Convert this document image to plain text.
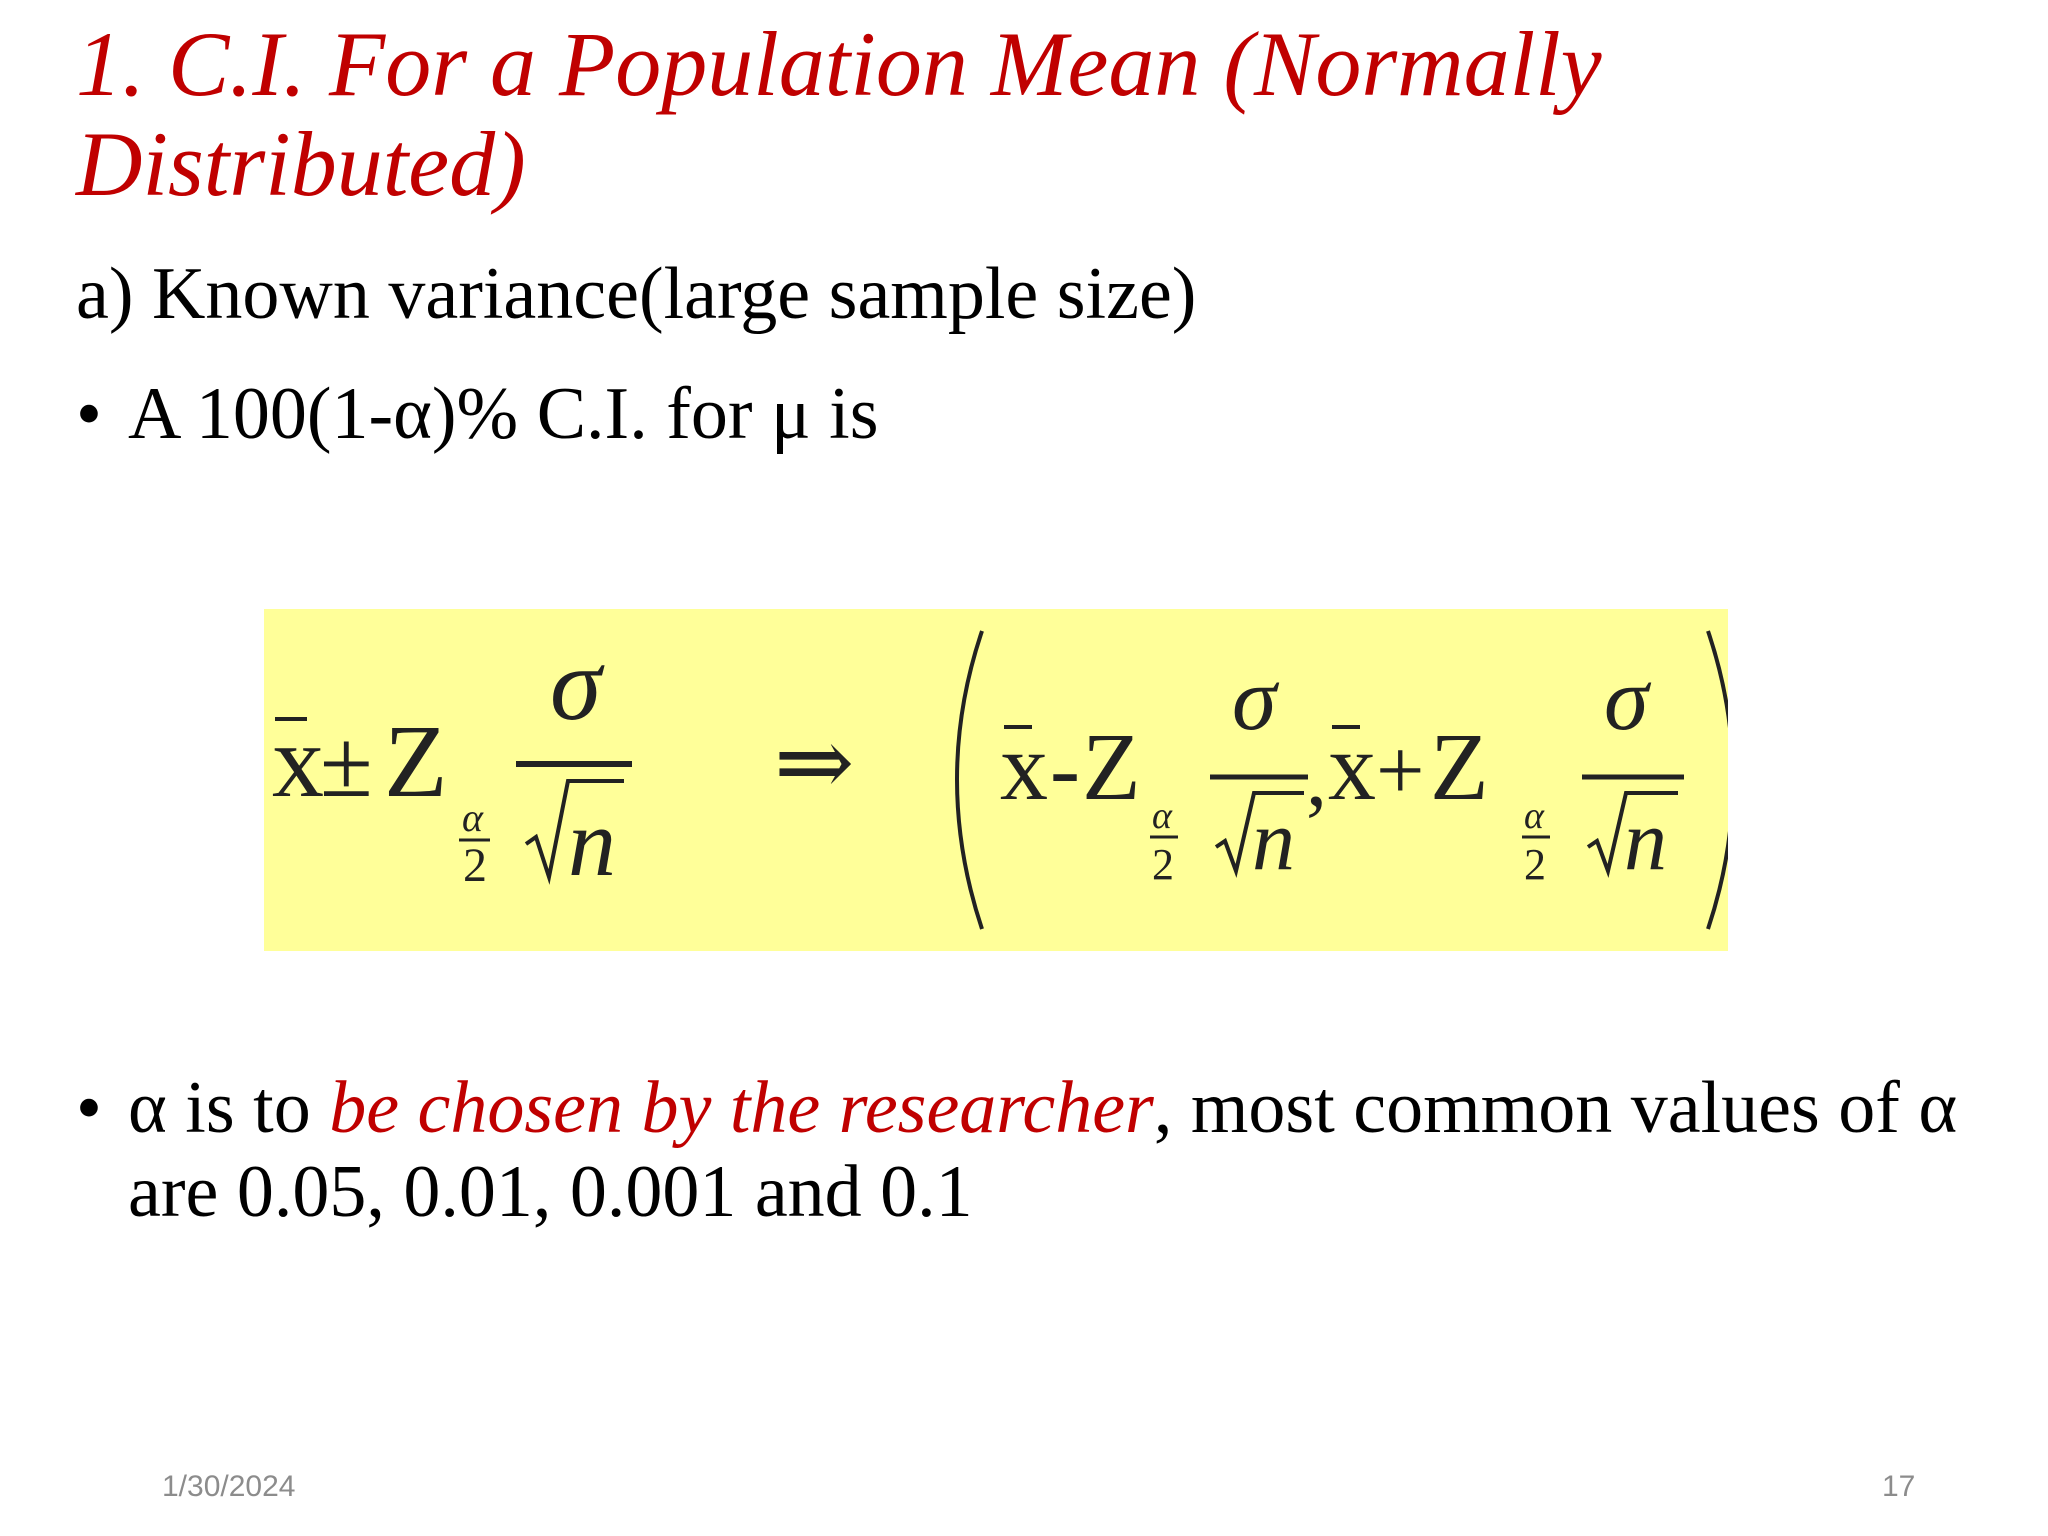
1. C.I. For a Population Mean (Normally Distributed)
a) Known variance(large sample size)
• A 100(1-α)% C.I. for μ is
x
± Z α
2
σ
n
⇒ x - Z α
2
σ
n
, x + Z α
2
σ
n
• α is to be chosen by the researcher, most common values of α are 0.05, 0.01, 0.001 and 0.1
1/30/2024	17
